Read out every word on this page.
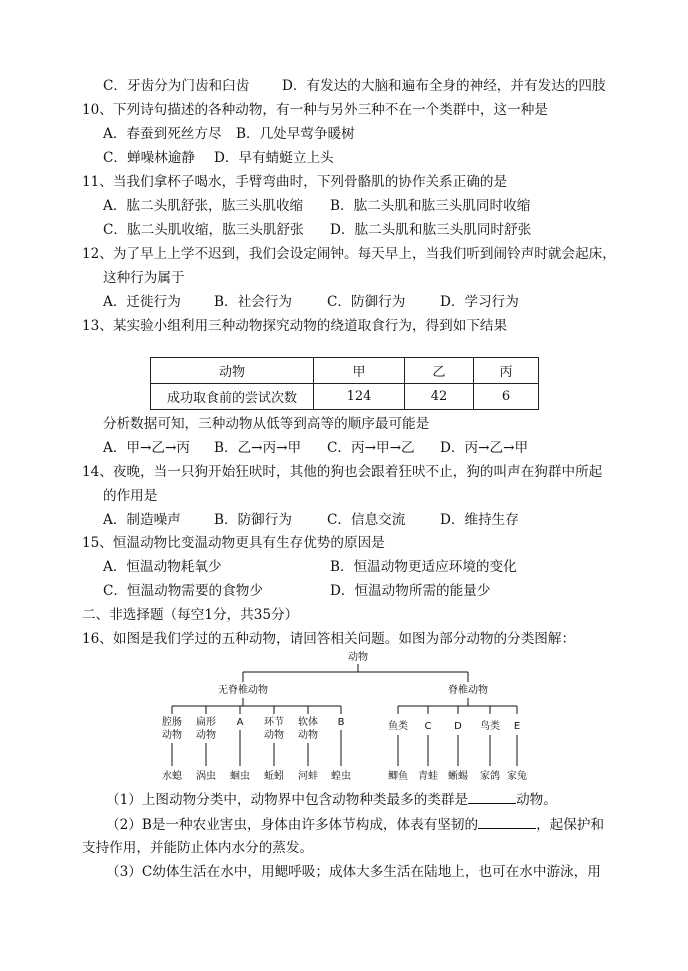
C．牙齿分为门齿和臼齿 D．有发达的大脑和遍布全身的神经，并有发达的四肢
10、下列诗句描述的各种动物，有一种与另外三种不在一个类群中，这一种是
A．春蚕到死丝方尽 B．几处早莺争暖树
C．蝉噪林逾静 D．早有蜻蜓立上头
11、当我们拿杯子喝水，手臂弯曲时，下列骨骼肌的协作关系正确的是
A．肱二头肌舒张，肱三头肌收缩 B．肱二头肌和肱三头肌同时收缩
C．肱二头肌收缩，肱三头肌舒张 D．肱二头肌和肱三头肌同时舒张
12、为了早上上学不迟到，我们会设定闹钟。每天早上，当我们听到闹铃声时就会起床，
这种行为属于
A．迁徙行为 B．社会行为	C．防御行为	D．学习行为
13、某实验小组利用三种动物探究动物的绕道取食行为，得到如下结果
动物	甲	乙	丙
成功取食前的尝试次数	124	42	6
分析数据可知，三种动物从低等到高等的顺序最可能是
A．甲→乙→丙 B．乙→丙→甲 C．丙→甲→乙 D．丙→乙→甲
14、夜晚，当一只狗开始狂吠时，其他的狗也会跟着狂吠不止，狗的叫声在狗群中所起
的作用是
A．制造噪声 B．防御行为	C．信息交流	D．维持生存
15、恒温动物比变温动物更具有生存优势的原因是
A．恒温动物耗氧少	B．恒温动物更适应环境的变化
C．恒温动物需要的食物少	D．恒温动物所需的能量少
二、非选择题（每空1分，共35分）
16、如图是我们学过的五种动物，请回答相关问题。如图为部分动物的分类图解：
动物
无脊椎动物	脊椎动物
腔肠
动物
水螅
扁形
动物
涡虫
A
蛔虫
环节
动物
蚯蚓
软体
动物
河蚌
B
蝗虫
鱼类
鲫鱼
C
青蛙
D
蜥蜴
鸟类
家鸽
E
家兔
（1）上图动物分类中，动物界中包含动物种类最多的类群是	动物。
（2）B是一种农业害虫，身体由许多体节构成，体表有坚韧的	，起保护和
支持作用，并能防止体内水分的蒸发。
（3）C幼体生活在水中，用鳃呼吸；成体大多生活在陆地上，也可在水中游泳，用
